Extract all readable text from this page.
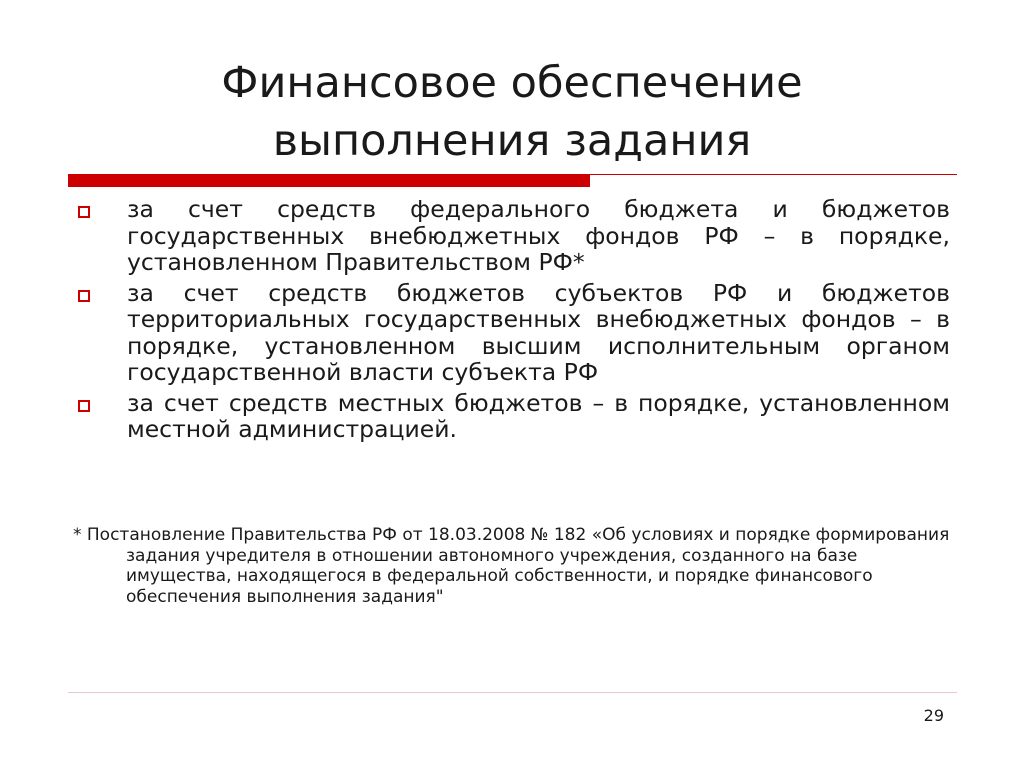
Финансовое обеспечение
выполнения задания
за счет средств федерального бюджета и бюджетов государственных внебюджетных фондов РФ – в порядке, установленном Правительством РФ*
за счет средств бюджетов субъектов РФ и бюджетов территориальных государственных внебюджетных фондов – в порядке, установленном высшим исполнительным органом государственной власти субъекта РФ
за счет средств местных бюджетов – в порядке, установленном местной администрацией.

* Постановление Правительства РФ от 18.03.2008 № 182 «Об условиях и порядке формирования задания учредителя в отношении автономного учреждения, созданного на базе имущества, находящегося в федеральной собственности, и порядке финансового обеспечения выполнения задания"

29
